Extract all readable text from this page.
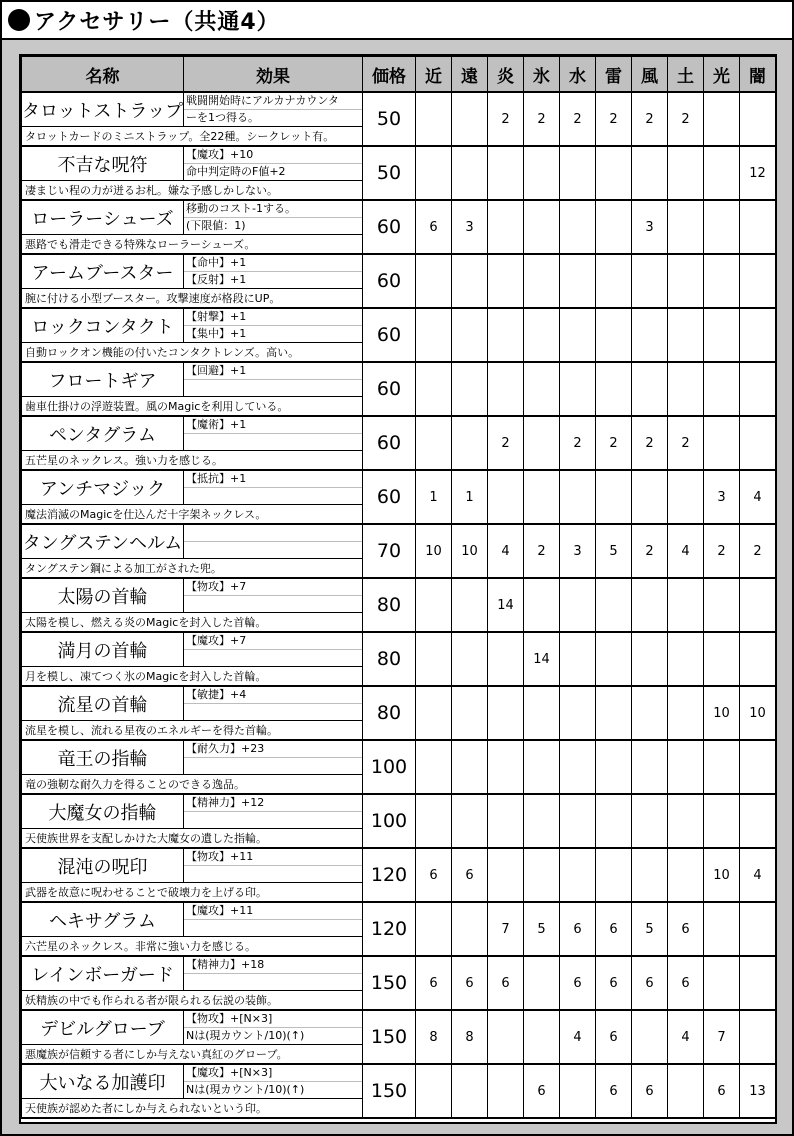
アクセサリー（共通4）
名称	効果	価格	近	遠	炎	氷	水	雷	風	土	光	闇
タロットストラップ	戦闘開始時にアルカナカウンタ
ーを1つ得る。	50			2	2	2	2	2	2		
タロットカードのミニストラップ。全22種。シークレット有。												
不吉な呪符	【魔攻】+10
命中判定時のF値+2	50										12
凄まじい程の力が迸るお札。嫌な予感しかしない。												
ローラーシューズ	移動のコスト-1する。
(下限値：1)	60	6	3					3			
悪路でも滑走できる特殊なローラーシューズ。												
アームブースター	【命中】+1
【反射】+1	60										
腕に付ける小型ブースター。攻撃速度が格段にUP。												
ロックコンタクト	【射撃】+1
【集中】+1	60										
自動ロックオン機能の付いたコンタクトレンズ。高い。												
フロートギア	【回避】+1	60										
歯車仕掛けの浮遊装置。風のMagicを利用している。												
ペンタグラム	【魔術】+1	60			2		2	2	2	2		
五芒星のネックレス。強い力を感じる。												
アンチマジック	【抵抗】+1	60	1	1							3	4
魔法消滅のMagicを仕込んだ十字架ネックレス。												
タングステンヘルム		70	10	10	4	2	3	5	2	4	2	2
タングステン鋼による加工がされた兜。												
太陽の首輪	【物攻】+7	80			14							
太陽を模し、燃える炎のMagicを封入した首輪。												
満月の首輪	【魔攻】+7	80				14						
月を模し、凍てつく氷のMagicを封入した首輪。												
流星の首輪	【敏捷】+4	80									10	10
流星を模し、流れる星夜のエネルギーを得た首輪。												
竜王の指輪	【耐久力】+23	100										
竜の強靭な耐久力を得ることのできる逸品。												
大魔女の指輪	【精神力】+12	100										
天使族世界を支配しかけた大魔女の遺した指輪。												
混沌の呪印	【物攻】+11	120	6	6							10	4
武器を故意に呪わせることで破壊力を上げる印。												
ヘキサグラム	【魔攻】+11	120			7	5	6	6	5	6		
六芒星のネックレス。非常に強い力を感じる。												
レインボーガード	【精神力】+18	150	6	6	6		6	6	6	6		
妖精族の中でも作られる者が限られる伝説の装飾。												
デビルグローブ	【物攻】+[N×3]
Nは(現カウント/10)(↑)	150	8	8			4	6		4	7	
悪魔族が信頼する者にしか与えない真紅のグローブ。												
大いなる加護印	【魔攻】+[N×3]
Nは(現カウント/10)(↑)	150				6		6	6		6	13
天使族が認めた者にしか与えられないという印。												
